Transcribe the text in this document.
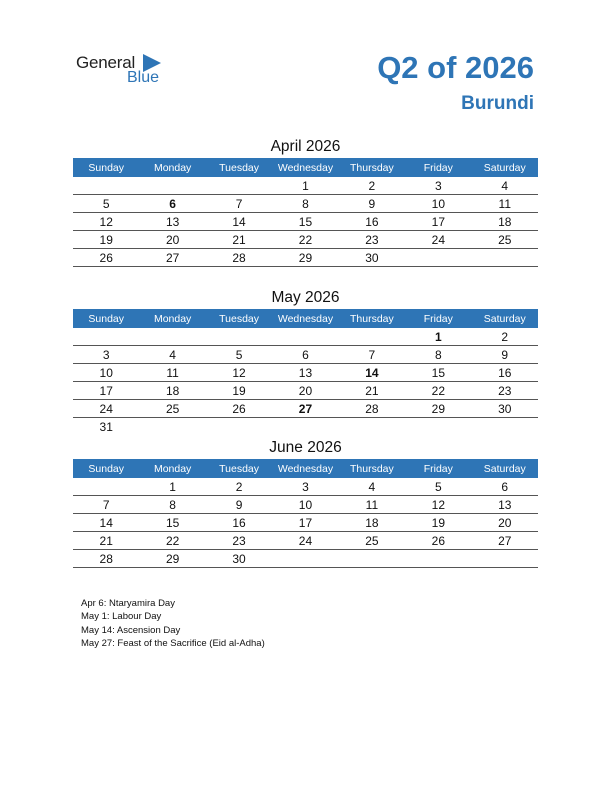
General
Blue	Q2 of 2026
Burundi
April 2026
Sunday	Monday	Tuesday	Wednesday	Thursday	Friday	Saturday
			1	2	3	4
5	6	7	8	9	10	11
12	13	14	15	16	17	18
19	20	21	22	23	24	25
26	27	28	29	30		
May 2026
Sunday	Monday	Tuesday	Wednesday	Thursday	Friday	Saturday
					1	2
3	4	5	6	7	8	9
10	11	12	13	14	15	16
17	18	19	20	21	22	23
24	25	26	27	28	29	30
31						
June 2026
Sunday	Monday	Tuesday	Wednesday	Thursday	Friday	Saturday
	1	2	3	4	5	6
7	8	9	10	11	12	13
14	15	16	17	18	19	20
21	22	23	24	25	26	27
28	29	30				
Apr 6: Ntaryamira Day
May 1: Labour Day
May 14: Ascension Day
May 27: Feast of the Sacrifice (Eid al-Adha)
